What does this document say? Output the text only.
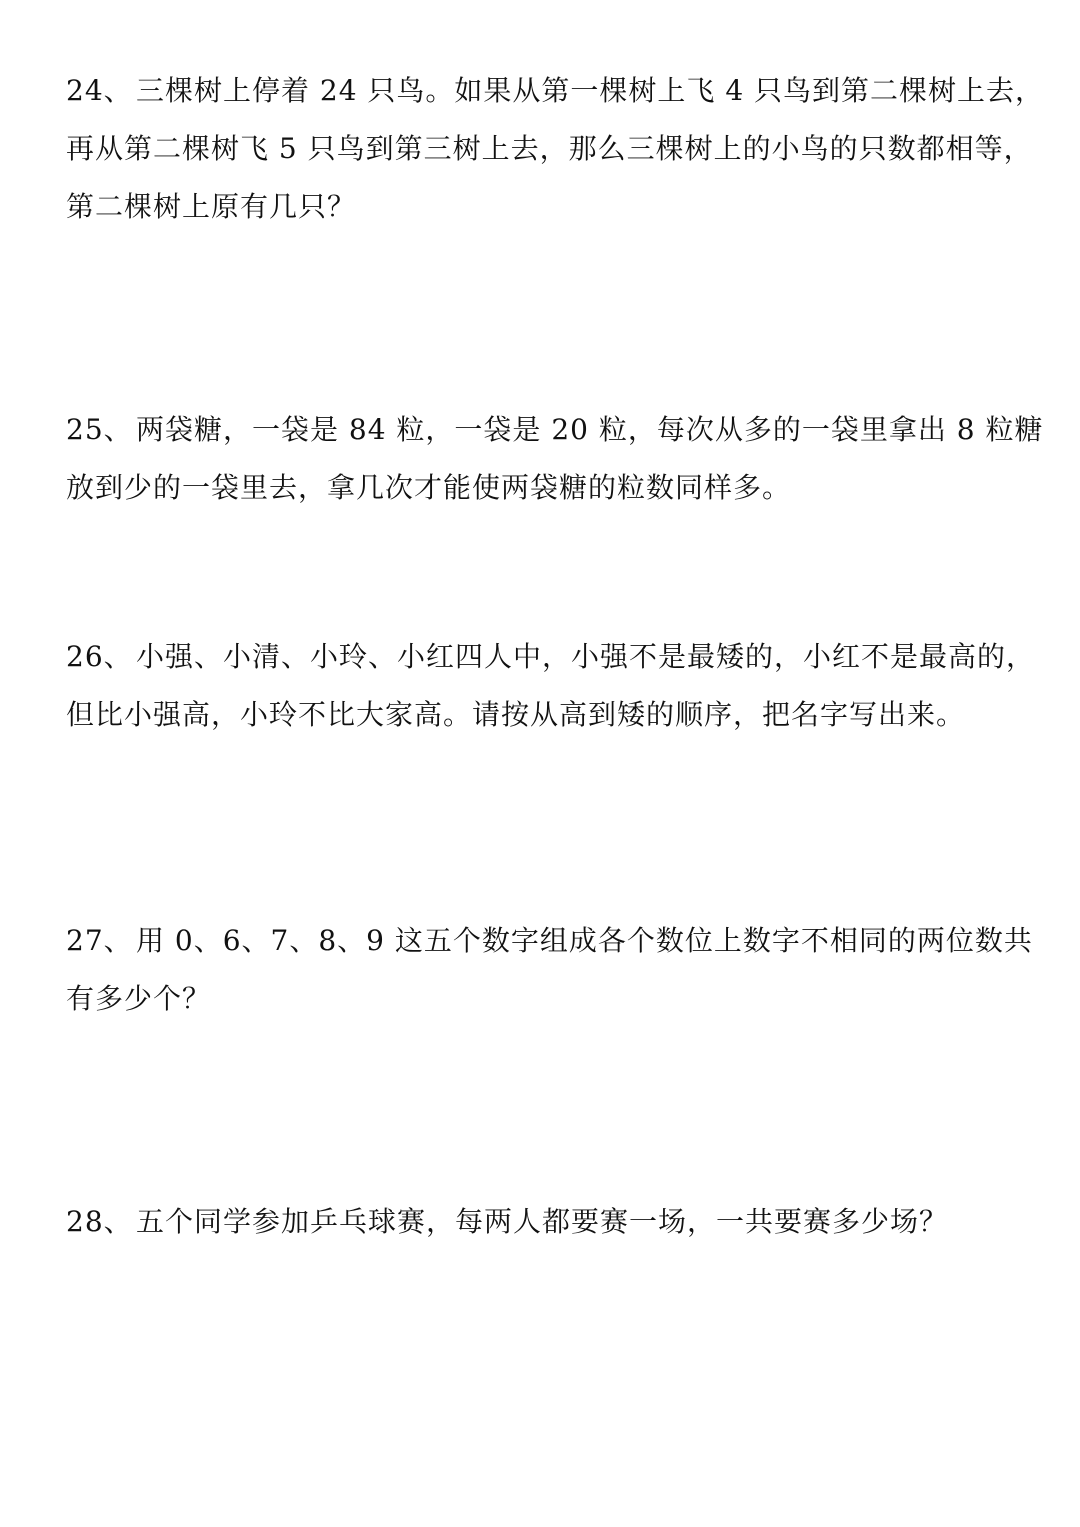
24、 三棵树上停着 24 只鸟。如果从第一棵树上飞 4 只鸟到第二棵树上去，
再从第二棵树飞 5 只鸟到第三树上去，那么三棵树上的小鸟的只数都相等，
第二棵树上原有几只？
25、 两袋糖，一袋是 84 粒，一袋是 20 粒，每次从多的一袋里拿出 8 粒糖
放到少的一袋里去，拿几次才能使两袋糖的粒数同样多。
26、 小强、小清、小玲、小红四人中，小强不是最矮的，小红不是最高的，
但比小强高，小玲不比大家高。请按从高到矮的顺序，把名字写出来。
27、 用 0、6、7、8、9 这五个数字组成各个数位上数字不相同的两位数共
有多少个？
28、 五个同学参加乒乓球赛，每两人都要赛一场，一共要赛多少场？
